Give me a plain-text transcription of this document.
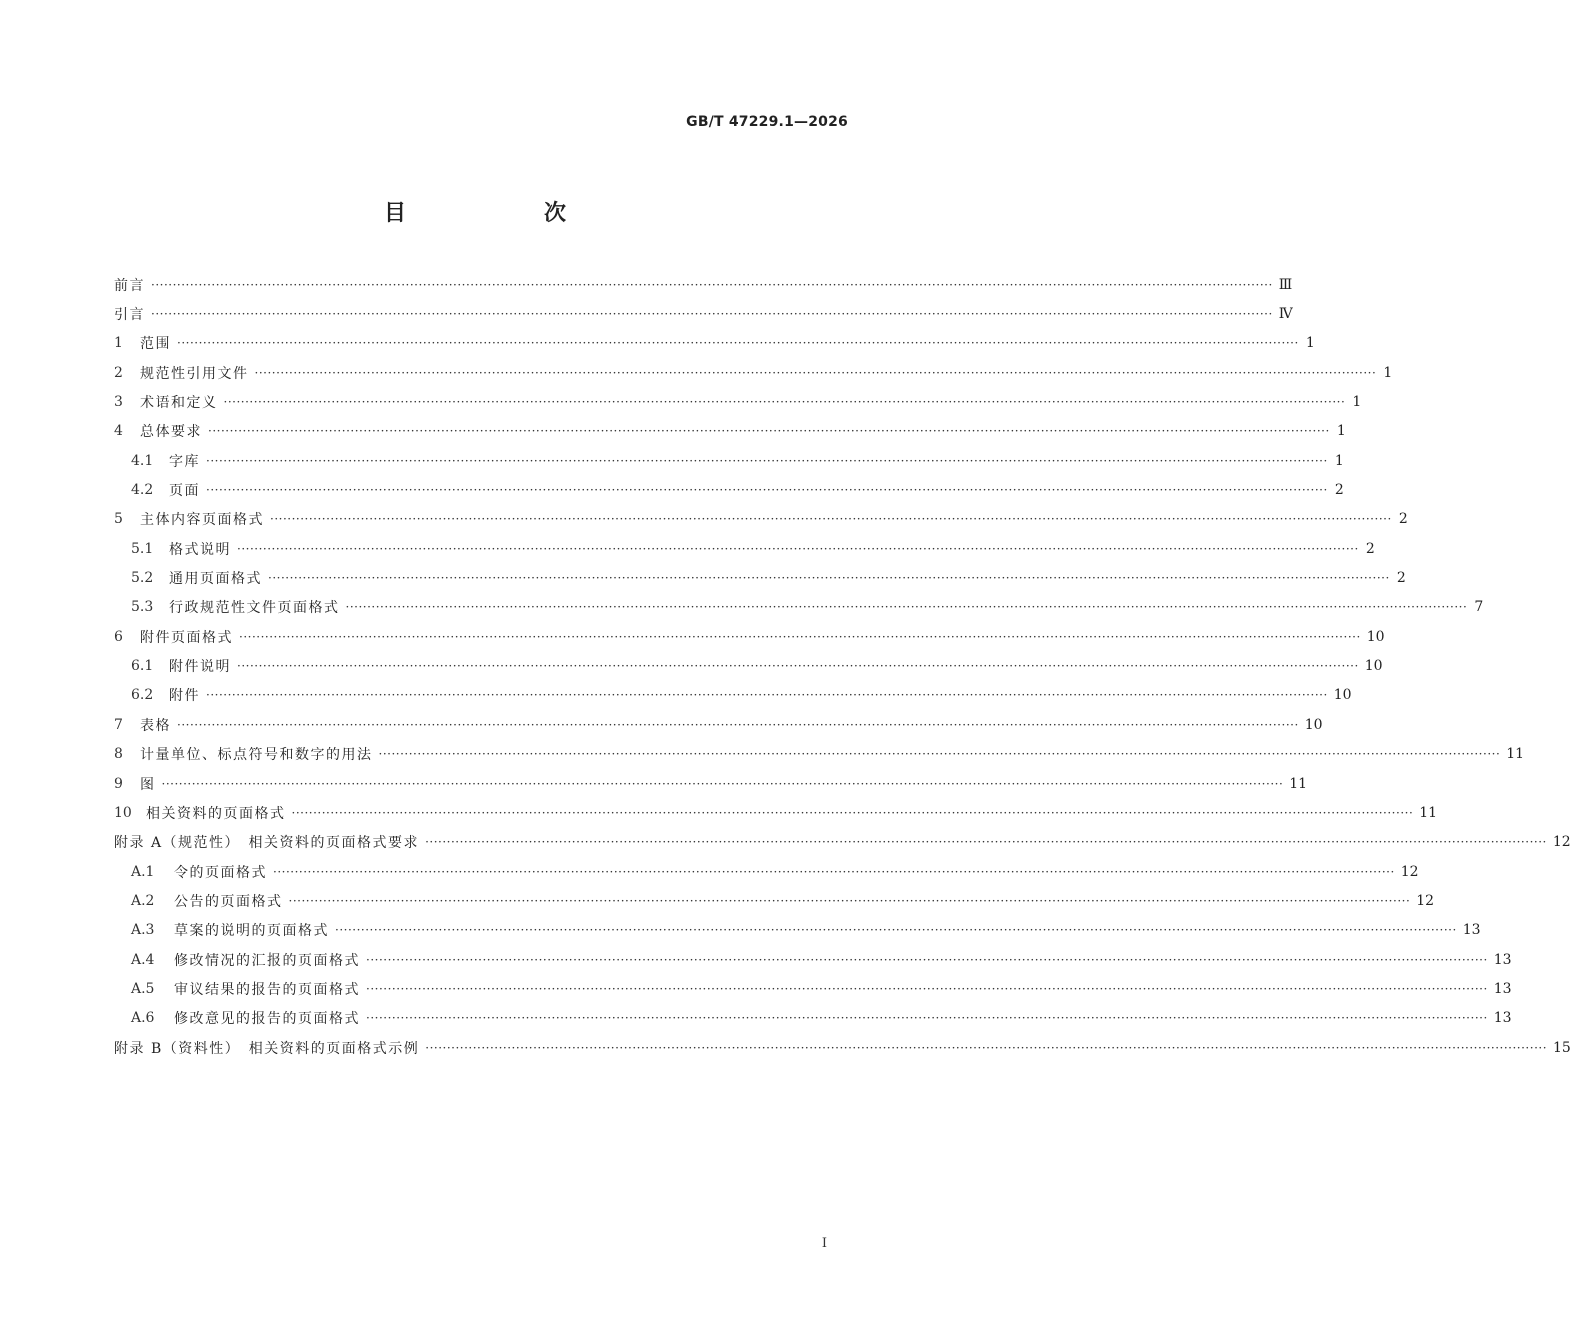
GB/T 47229.1—2026
目　次
前言 ···································································································································································································································································· Ⅲ
引言 ···································································································································································································································································· Ⅳ
1	范围 ···································································································································································································································································· 1
2	规范性引用文件 ···································································································································································································································································· 1
3	术语和定义 ···································································································································································································································································· 1
4	总体要求 ···································································································································································································································································· 1
4.1	字库 ···································································································································································································································································· 1
4.2	页面 ···································································································································································································································································· 2
5	主体内容页面格式 ···································································································································································································································································· 2
5.1	格式说明 ···································································································································································································································································· 2
5.2	通用页面格式 ···································································································································································································································································· 2
5.3	行政规范性文件页面格式 ···································································································································································································································································· 7
6	附件页面格式 ···································································································································································································································································· 10
6.1	附件说明 ···································································································································································································································································· 10
6.2	附件 ···································································································································································································································································· 10
7	表格 ···································································································································································································································································· 10
8	计量单位、标点符号和数字的用法 ···································································································································································································································································· 11
9	图 ···································································································································································································································································· 11
10	相关资料的页面格式 ···································································································································································································································································· 11
附录 A（规范性）　相关资料的页面格式要求 ···································································································································································································································································· 12
A.1	令的页面格式 ···································································································································································································································································· 12
A.2	公告的页面格式 ···································································································································································································································································· 12
A.3	草案的说明的页面格式 ···································································································································································································································································· 13
A.4	修改情况的汇报的页面格式 ···································································································································································································································································· 13
A.5	审议结果的报告的页面格式 ···································································································································································································································································· 13
A.6	修改意见的报告的页面格式 ···································································································································································································································································· 13
附录 B（资料性）　相关资料的页面格式示例 ···································································································································································································································································· 15
I
